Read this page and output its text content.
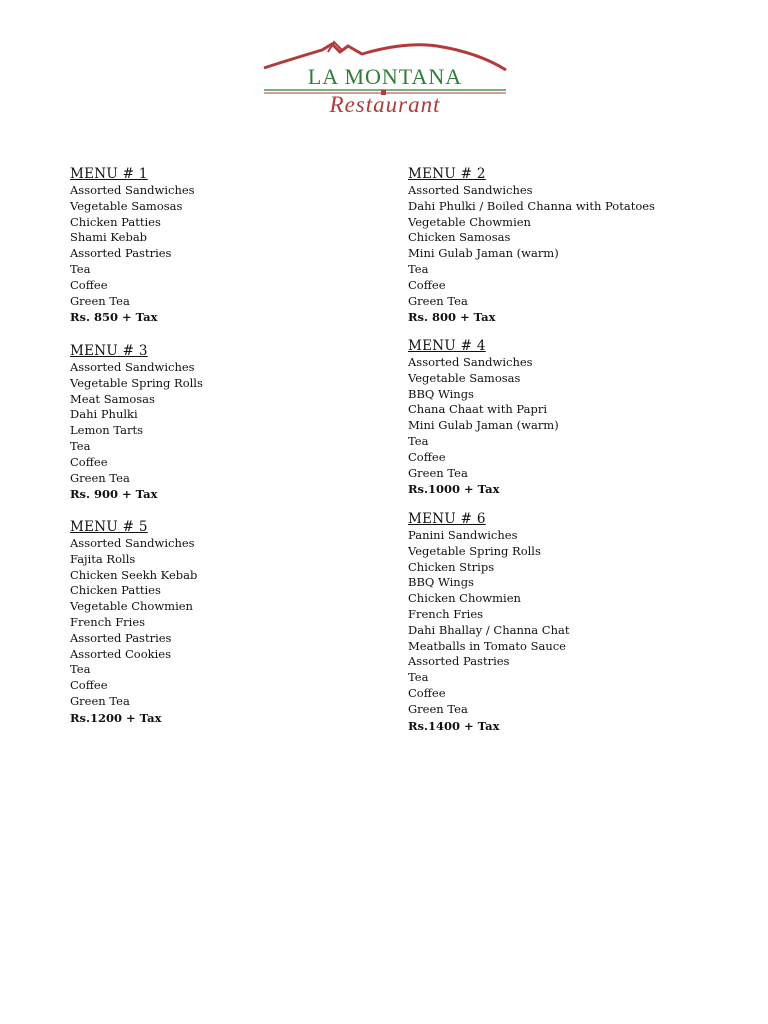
LA MONTANA
Restaurant
MENU # 1
Assorted Sandwiches
Vegetable Samosas
Chicken Patties
Shami Kebab
Assorted Pastries
Tea
Coffee
Green Tea
Rs. 850 + Tax
MENU # 2
Assorted Sandwiches
Dahi Phulki / Boiled Channa with Potatoes
Vegetable Chowmien
Chicken Samosas
Mini Gulab Jaman (warm)
Tea
Coffee
Green Tea
Rs. 800 + Tax
MENU # 3
Assorted Sandwiches
Vegetable Spring Rolls
Meat Samosas
Dahi Phulki
Lemon Tarts
Tea
Coffee
Green Tea
Rs. 900 + Tax
MENU # 4
Assorted Sandwiches
Vegetable Samosas
BBQ Wings
Chana Chaat with Papri
Mini Gulab Jaman (warm)
Tea
Coffee
Green Tea
Rs.1000 + Tax
MENU # 5
Assorted Sandwiches
Fajita Rolls
Chicken Seekh Kebab
Chicken Patties
Vegetable Chowmien
French Fries
Assorted Pastries
Assorted Cookies
Tea
Coffee
Green Tea
Rs.1200 + Tax
MENU # 6
Panini Sandwiches
Vegetable Spring Rolls
Chicken Strips
BBQ Wings
Chicken Chowmien
French Fries
Dahi Bhallay / Channa Chat
Meatballs in Tomato Sauce
Assorted Pastries
Tea
Coffee
Green Tea
Rs.1400 + Tax
